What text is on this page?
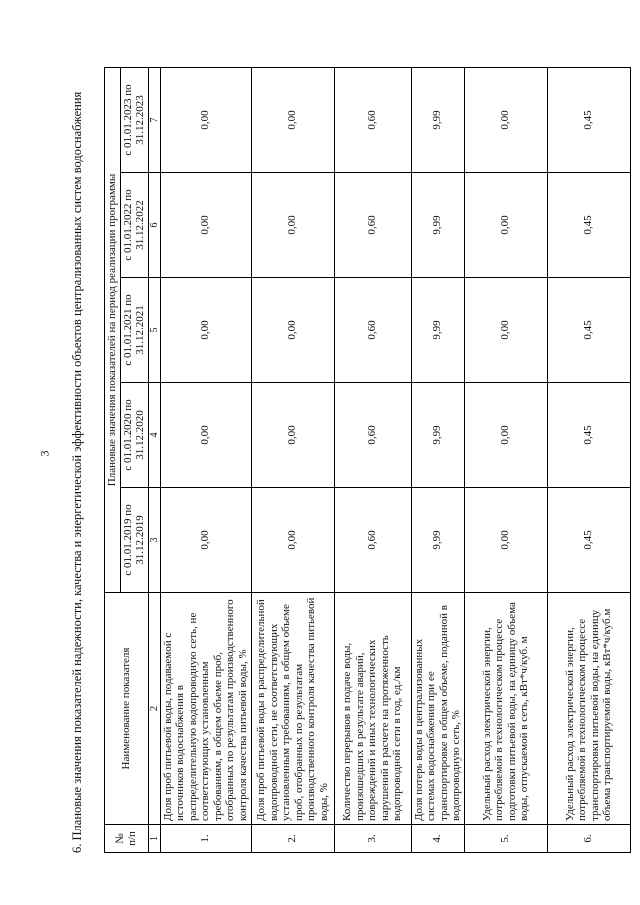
3 6. Плановые значения показателей надежности, качества и энергетической эффективности объектов централизованных систем водоснабжения	№ п/п	Наименование показателя	Плановые значения показателей на период реализации программы				
		с 01.01.2019 по 31.12.2019	с 01.01.2020 по 31.12.2020	с 01.01.2021 по 31.12.2021	с 01.01.2022 по 31.12.2022	с 01.01.2023 по 31.12.2023
1	2	3	4	5	6	7
1.	Доля проб питьевой воды, подаваемой с источников водоснабжения в распределительную водопроводную сеть, не соответствующих установленным требованиям, в общем объеме проб, отобранных по результатам производственного контроля качества питьевой воды, %	0,00	0,00	0,00	0,00	0,00
2.	Доля проб питьевой воды в распределительной водопроводной сети, не соответствующих установленным требованиям, в общем объеме проб, отобранных по результатам производственного контроля качества питьевой воды, %	0,00	0,00	0,00	0,00	0,00
3.	Количество перерывов в подаче воды, произошедших в результате аварий, повреждений и иных технологических нарушений в расчете на протяженность водопроводной сети в год, ед./км	0,60	0,60	0,60	0,60	0,60
4.	Доля потерь воды в централизованных системах водоснабжения при ее транспортировке в общем объеме, поданной в водопроводную сеть, %	9,99	9,99	9,99	9,99	9,99
5.	Удельный расход электрической энергии, потребляемой в технологическом процессе подготовки питьевой воды, на единицу объема воды, отпускаемой в сеть, кВт*ч/куб. м	0,00	0,00	0,00	0,00	0,00
6.	Удельный расход электрической энергии, потребляемой в технологическом процессе транспортировки питьевой воды, на единицу объема транспортируемой воды, кВт*ч/куб.м	0,45	0,45	0,45	0,45	0,45
